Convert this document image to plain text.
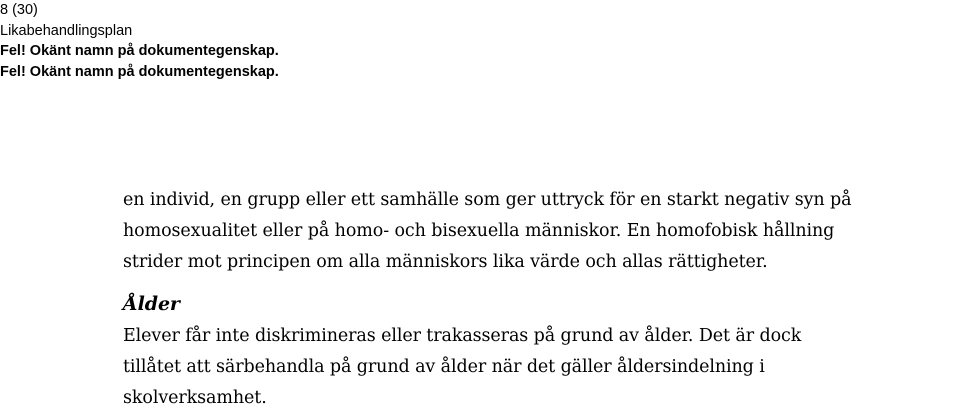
8 (30)
Likabehandlingsplan
Fel! Okänt namn på dokumentegenskap.
Fel! Okänt namn på dokumentegenskap.

en individ, en grupp eller ett samhälle som ger uttryck för en starkt negativ syn på

homosexualitet eller på homo- och bisexuella människor. En homofobisk hållning

strider mot principen om alla människors lika värde och allas rättigheter.

Ålder

Elever får inte diskrimineras eller trakasseras på grund av ålder. Det är dock

tillåtet att särbehandla på grund av ålder när det gäller åldersindelning i

skolverksamhet.
